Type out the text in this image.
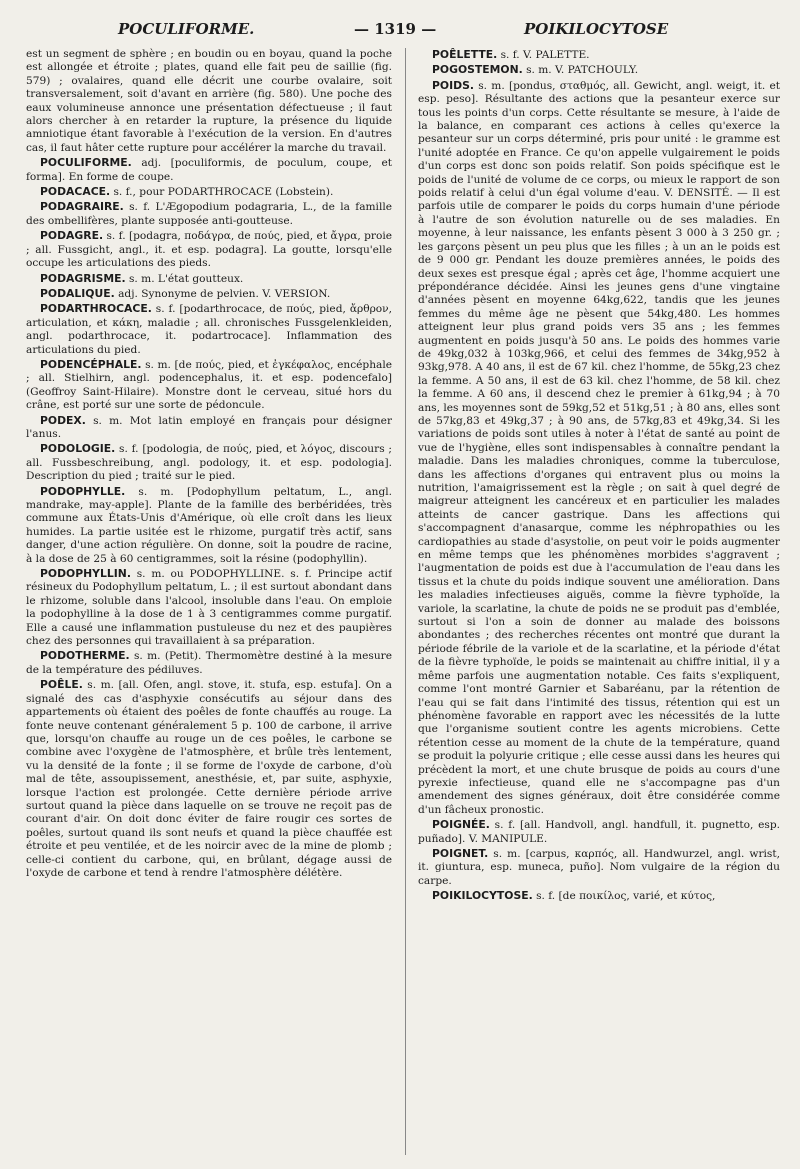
POCULIFORME.	— 1319 —	POIKILOCYTOSE

est un segment de sphère ; en boudin ou en boyau, quand la poche est allongée et étroite ; plates, quand elle fait peu de saillie (fig. 579) ; ovalaires, quand elle décrit une courbe ovalaire, soit transversalement, soit d'avant en arrière (fig. 580). Une poche des eaux volumineuse annonce une présentation défectueuse ; il faut alors chercher à en retarder la rupture, la présence du liquide amniotique étant favorable à l'exécution de la version. En d'autres cas, il faut hâter cette rupture pour accélérer la marche du travail.

POCULIFORME. adj. [poculiformis, de poculum, coupe, et forma]. En forme de coupe.

PODACACE. s. f., pour PODARTHROCACE (Lobstein).

PODAGRAIRE. s. f. L'Ægopodium podagraria, L., de la famille des ombellifères, plante supposée anti-goutteuse.

PODAGRE. s. f. [podagra, ποδάγρα, de πούς, pied, et ἄγρα, proie ; all. Fussgicht, angl., it. et esp. podagra]. La goutte, lorsqu'elle occupe les articulations des pieds.

PODAGRISME. s. m. L'état goutteux.

PODALIQUE. adj. Synonyme de pelvien. V. VERSION.

PODARTHROCACE. s. f. [podarthrocace, de πούς, pied, ἄρθρον, articulation, et κάκη, maladie ; all. chronisches Fussgelenkleiden, angl. podarthrocace, it. podartrocace]. Inflammation des articulations du pied.

PODENCÉPHALE. s. m. [de πούς, pied, et ἐγκέφαλος, encéphale ; all. Stielhirn, angl. podencephalus, it. et esp. podencefalo] (Geoffroy Saint-Hilaire). Monstre dont le cerveau, situé hors du crâne, est porté sur une sorte de pédoncule.

PODEX. s. m. Mot latin employé en français pour désigner l'anus.

PODOLOGIE. s. f. [podologia, de πούς, pied, et λόγος, discours ; all. Fussbeschreibung, angl. podology, it. et esp. podologia]. Description du pied ; traité sur le pied.

PODOPHYLLE. s. m. [Podophyllum peltatum, L., angl. mandrake, may-apple]. Plante de la famille des berbéridées, très commune aux États-Unis d'Amérique, où elle croît dans les lieux humides. La partie usitée est le rhizome, purgatif très actif, sans danger, d'une action régulière. On donne, soit la poudre de racine, à la dose de 25 à 60 centigrammes, soit la résine (podophyllin).

PODOPHYLLIN. s. m. ou PODOPHYLLINE. s. f. Principe actif résineux du Podophyllum peltatum, L. ; il est surtout abondant dans le rhizome, soluble dans l'alcool, insoluble dans l'eau. On emploie la podophylline à la dose de 1 à 3 centigrammes comme purgatif. Elle a causé une inflammation pustuleuse du nez et des paupières chez des personnes qui travaillaient à sa préparation.

PODOTHERME. s. m. (Petit). Thermomètre destiné à la mesure de la température des pédiluves.

POÊLE. s. m. [all. Ofen, angl. stove, it. stufa, esp. estufa]. On a signalé des cas d'asphyxie consécutifs au séjour dans des appartements où étaient des poêles de fonte chauffés au rouge. La fonte neuve contenant généralement 5 p. 100 de carbone, il arrive que, lorsqu'on chauffe au rouge un de ces poêles, le carbone se combine avec l'oxygène de l'atmosphère, et brûle très lentement, vu la densité de la fonte ; il se forme de l'oxyde de carbone, d'où mal de tête, assoupissement, anesthésie, et, par suite, asphyxie, lorsque l'action est prolongée. Cette dernière période arrive surtout quand la pièce dans laquelle on se trouve ne reçoit pas de courant d'air. On doit donc éviter de faire rougir ces sortes de poêles, surtout quand ils sont neufs et quand la pièce chauffée est étroite et peu ventilée, et de les noircir avec de la mine de plomb ; celle-ci contient du carbone, qui, en brûlant, dégage aussi de l'oxyde de carbone et tend à rendre l'atmosphère délétère.

POÊLETTE. s. f. V. PALETTE.

POGOSTEMON. s. m. V. PATCHOULY.

POIDS. s. m. [pondus, σταθμός, all. Gewicht, angl. weigt, it. et esp. peso]. Résultante des actions que la pesanteur exerce sur tous les points d'un corps. Cette résultante se mesure, à l'aide de la balance, en comparant ces actions à celles qu'exerce la pesanteur sur un corps déterminé, pris pour unité : le gramme est l'unité adoptée en France. Ce qu'on appelle vulgairement le poids d'un corps est donc son poids relatif. Son poids spécifique est le poids de l'unité de volume de ce corps, ou mieux le rapport de son poids relatif à celui d'un égal volume d'eau. V. DENSITÉ. — Il est parfois utile de comparer le poids du corps humain d'une période à l'autre de son évolution naturelle ou de ses maladies. En moyenne, à leur naissance, les enfants pèsent 3 000 à 3 250 gr. ; les garçons pèsent un peu plus que les filles ; à un an le poids est de 9 000 gr. Pendant les douze premières années, le poids des deux sexes est presque égal ; après cet âge, l'homme acquiert une prépondérance décidée. Ainsi les jeunes gens d'une vingtaine d'années pèsent en moyenne 64kg,622, tandis que les jeunes femmes du même âge ne pèsent que 54kg,480. Les hommes atteignent leur plus grand poids vers 35 ans ; les femmes augmentent en poids jusqu'à 50 ans. Le poids des hommes varie de 49kg,032 à 103kg,966, et celui des femmes de 34kg,952 à 93kg,978. A 40 ans, il est de 67 kil. chez l'homme, de 55kg,23 chez la femme. A 50 ans, il est de 63 kil. chez l'homme, de 58 kil. chez la femme. A 60 ans, il descend chez le premier à 61kg,94 ; à 70 ans, les moyennes sont de 59kg,52 et 51kg,51 ; à 80 ans, elles sont de 57kg,83 et 49kg,37 ; à 90 ans, de 57kg,83 et 49kg,34. Si les variations de poids sont utiles à noter à l'état de santé au point de vue de l'hygiène, elles sont indispensables à connaître pendant la maladie. Dans les maladies chroniques, comme la tuberculose, dans les affections d'organes qui entravent plus ou moins la nutrition, l'amaigrissement est la règle ; on sait à quel degré de maigreur atteignent les cancéreux et en particulier les malades atteints de cancer gastrique. Dans les affections qui s'accompagnent d'anasarque, comme les néphropathies ou les cardiopathies au stade d'asystolie, on peut voir le poids augmenter en même temps que les phénomènes morbides s'aggravent ; l'augmentation de poids est due à l'accumulation de l'eau dans les tissus et la chute du poids indique souvent une amélioration. Dans les maladies infectieuses aiguës, comme la fièvre typhoïde, la variole, la scarlatine, la chute de poids ne se produit pas d'emblée, surtout si l'on a soin de donner au malade des boissons abondantes ; des recherches récentes ont montré que durant la période fébrile de la variole et de la scarlatine, et la période d'état de la fièvre typhoïde, le poids se maintenait au chiffre initial, il y a même parfois une augmentation notable. Ces faits s'expliquent, comme l'ont montré Garnier et Sabaréanu, par la rétention de l'eau qui se fait dans l'intimité des tissus, rétention qui est un phénomène favorable en rapport avec les nécessités de la lutte que l'organisme soutient contre les agents microbiens. Cette rétention cesse au moment de la chute de la température, quand se produit la polyurie critique ; elle cesse aussi dans les heures qui précèdent la mort, et une chute brusque de poids au cours d'une pyrexie infectieuse, quand elle ne s'accompagne pas d'un amendement des signes généraux, doit être considérée comme d'un fâcheux pronostic.

POIGNÉE. s. f. [all. Handvoll, angl. handfull, it. pugnetto, esp. puñado]. V. MANIPULE.

POIGNET. s. m. [carpus, καρπός, all. Handwurzel, angl. wrist, it. giuntura, esp. muneca, puño]. Nom vulgaire de la région du carpe.

POIKILOCYTOSE. s. f. [de ποικίλος, varié, et κύτος,
